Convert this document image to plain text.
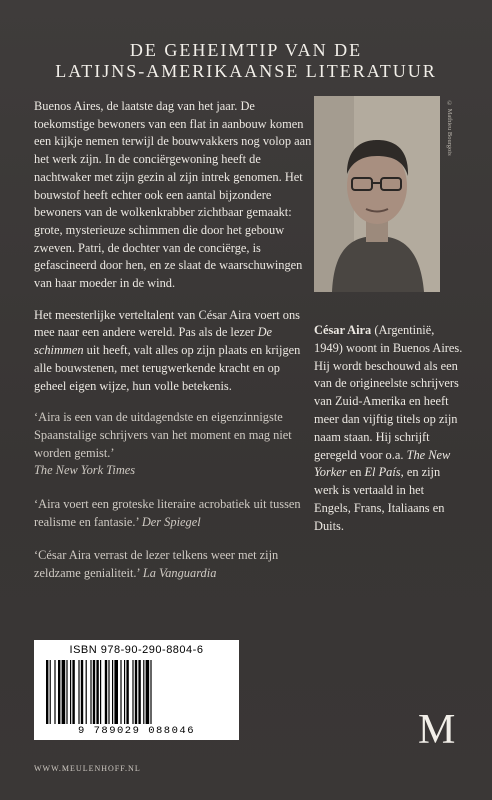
DE GEHEIMTIP VAN DE
LATIJNS-AMERIKAANSE LITERATUUR

Buenos Aires, de laatste dag van het jaar. De toekomstige bewoners van een flat in aanbouw komen een kijkje nemen terwijl de bouwvakkers nog volop aan het werk zijn. In de conciërgewoning heeft de nachtwaker met zijn gezin al zijn intrek genomen. Het bouwstof heeft echter ook een aantal bijzondere bewoners van de wolkenkrabber zichtbaar gemaakt: grote, mysterieuze schimmen die door het gebouw zweven. Patri, de dochter van de conciërge, is gefascineerd door hen, en ze slaat de waarschuwingen van haar moeder in de wind.

Het meesterlijke verteltalent van César Aira voert ons mee naar een andere wereld. Pas als de lezer De schimmen uit heeft, valt alles op zijn plaats en krijgen alle bouwstenen, met terugwerkende kracht en op geheel eigen wijze, hun volle betekenis.

‘Aira is een van de uitdagendste en eigenzinnigste Spaanstalige schrijvers van het moment en mag niet worden gemist.’
The New York Times

‘Aira voert een groteske literaire acrobatiek uit tussen realisme en fantasie.’ Der Spiegel

‘César Aira verrast de lezer telkens weer met zijn zeldzame genialiteit.’ La Vanguardia

© Mathieu Bourgois
César Aira (Argentinië, 1949) woont in Buenos Aires. Hij wordt beschouwd als een van de origineelste schrijvers van Zuid-Amerika en heeft meer dan vijftig titels op zijn naam staan. Hij schrijft geregeld voor o.a. The New Yorker en El País, en zijn werk is vertaald in het Engels, Frans, Italiaans en Duits.
ISBN 978-90-290-8804-6
9 789029 088046
WWW.MEULENHOFF.NL
M
